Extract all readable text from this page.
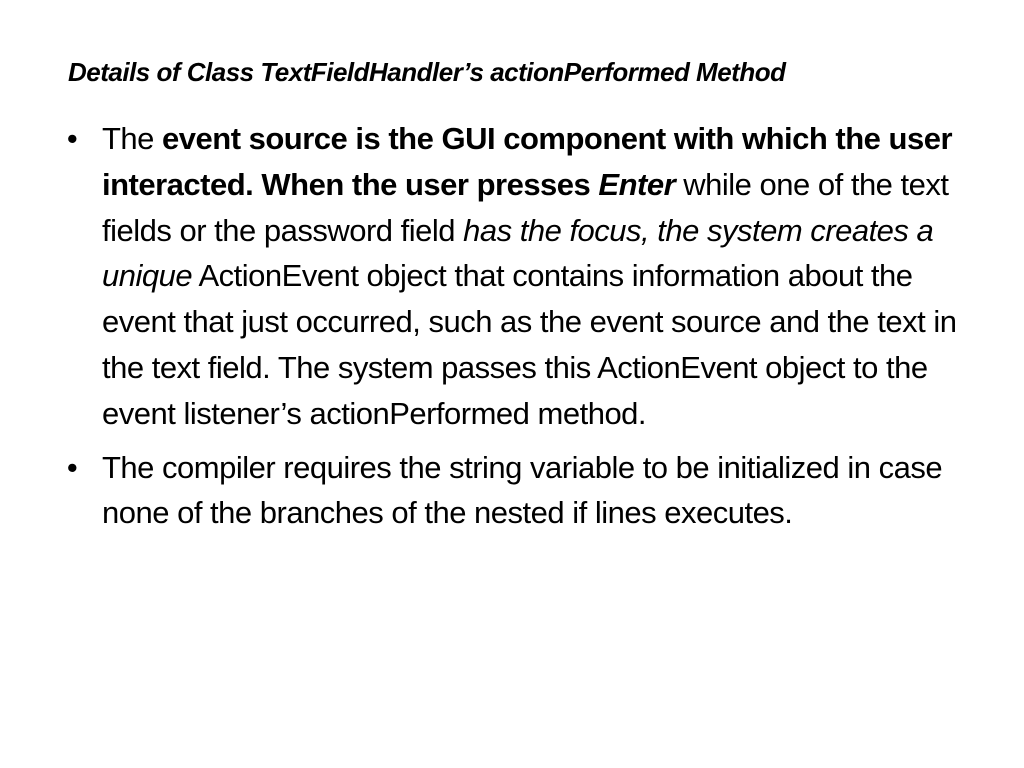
Details of Class TextFieldHandler’s actionPerformed Method
• The event source is the GUI component with which the user interacted. When the user presses Enter while one of the text fields or the password field has the focus, the system creates a unique ActionEvent object that contains information about the event that just occurred, such as the event source and the text in the text field. The system passes this ActionEvent object to the event listener’s actionPerformed method.
• The compiler requires the string variable to be initialized in case none of the branches of the nested if lines executes.
